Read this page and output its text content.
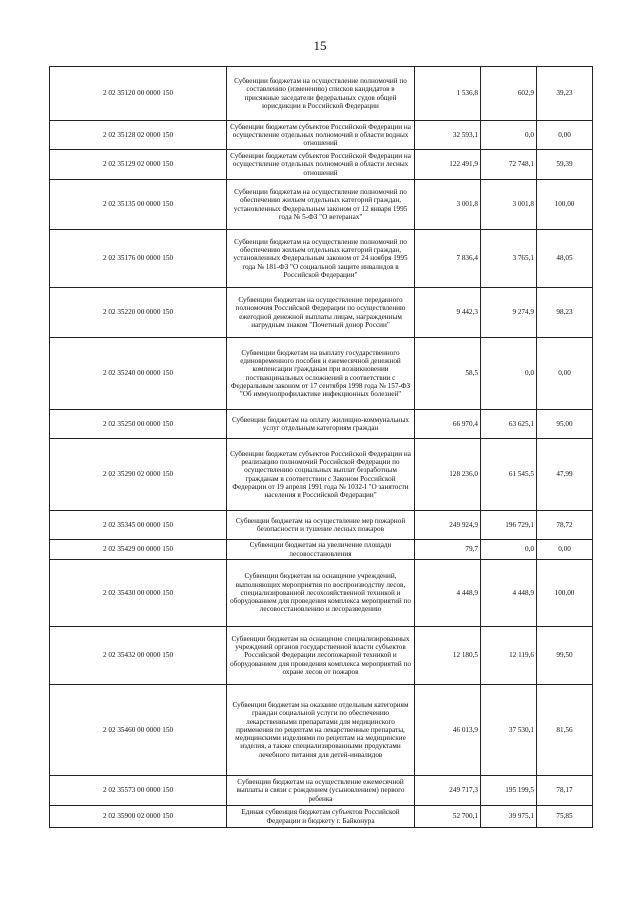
15
2 02 35120 00 0000 150	Субвенции бюджетам на осуществление полномочий по составлению (изменению) списков кандидатов в присяжные заседатели федеральных судов общей юрисдикции в Российской Федерации	1 536,8	602,9	39,23
2 02 35128 02 0000 150	Субвенции бюджетам субъектов Российской Федерации на осуществление отдельных полномочий в области водных отношений	32 593,1	0,0	0,00
2 02 35129 02 0000 150	Субвенции бюджетам субъектов Российской Федерации на осуществление отдельных полномочий в области лесных отношений	122 491,9	72 748,1	59,39
2 02 35135 00 0000 150	Субвенции бюджетам на осуществление полномочий по обеспечению жильем отдельных категорий граждан, установленных Федеральным законом от 12 января 1995 года № 5-ФЗ "О ветеранах"	3 001,8	3 001,8	100,00
2 02 35176 00 0000 150	Субвенции бюджетам на осуществление полномочий по обеспечению жильем отдельных категорий граждан, установленных Федеральным законом от 24 ноября 1995 года № 181-ФЗ "О социальной защите инвалидов в Российской Федерации"	7 836,4	3 765,1	48,05
2 02 35220 00 0000 150	Субвенции бюджетам на осуществление переданного полномочия Российской Федерации по осуществлению ежегодной денежной выплаты лицам, награжденным нагрудным знаком "Почетный донор России"	9 442,3	9 274,9	98,23
2 02 35240 00 0000 150	Субвенции бюджетам на выплату государственного единовременного пособия и ежемесячной денежной компенсации гражданам при возникновении поствакцинальных осложнений в соответствии с Федеральным законом от 17 сентября 1998 года № 157-ФЗ "Об иммунопрофилактике инфекционных болезней"	58,5	0,0	0,00
2 02 35250 00 0000 150	Субвенции бюджетам на оплату жилищно-коммунальных услуг отдельным категориям граждан	66 970,4	63 625,1	95,00
2 02 35290 02 0000 150	Субвенции бюджетам субъектов Российской Федерации на реализацию полномочий Российской Федерации по осуществлению социальных выплат безработным гражданам в соответствии с Законом Российской Федерации от 19 апреля 1991 года № 1032-I "О занятости населения в Российской Федерации"	128 236,0	61 545,5	47,99
2 02 35345 00 0000 150	Субвенции бюджетам на осуществление мер пожарной безопасности и тушение лесных пожаров	249 924,9	196 729,1	78,72
2 02 35429 00 0000 150	Субвенции бюджетам на увеличение площади лесовосстановления	79,7	0,0	0,00
2 02 35430 00 0000 150	Субвенции бюджетам на оснащение учреждений, выполняющих мероприятия по воспроизводству лесов, специализированной лесохозяйственной техникой и оборудованием для проведения комплекса мероприятий по лесовосстановлению и лесоразведению	4 448,9	4 448,9	100,00
2 02 35432 00 0000 150	Субвенции бюджетам на оснащение специализированных учреждений органов государственной власти субъектов Российской Федерации лесопожарной техникой и оборудованием для проведения комплекса мероприятий по охране лесов от пожаров	12 180,5	12 119,6	99,50
2 02 35460 00 0000 150	Субвенции бюджетам на оказание отдельным категориям граждан социальной услуги по обеспечению лекарственными препаратами для медицинского применения по рецептам на лекарственные препараты, медицинскими изделиями по рецептам на медицинские изделия, а также специализированными продуктами лечебного питания для детей-инвалидов	46 013,9	37 530,1	81,56
2 02 35573 00 0000 150	Субвенции бюджетам на осуществление ежемесячной выплаты в связи с рождением (усыновлением) первого ребенка	249 717,3	195 199,5	78,17
2 02 35900 02 0000 150	Единая субвенция бюджетам субъектов Российской Федерации и бюджету г. Байконура	52 700,1	39 975,1	75,85
